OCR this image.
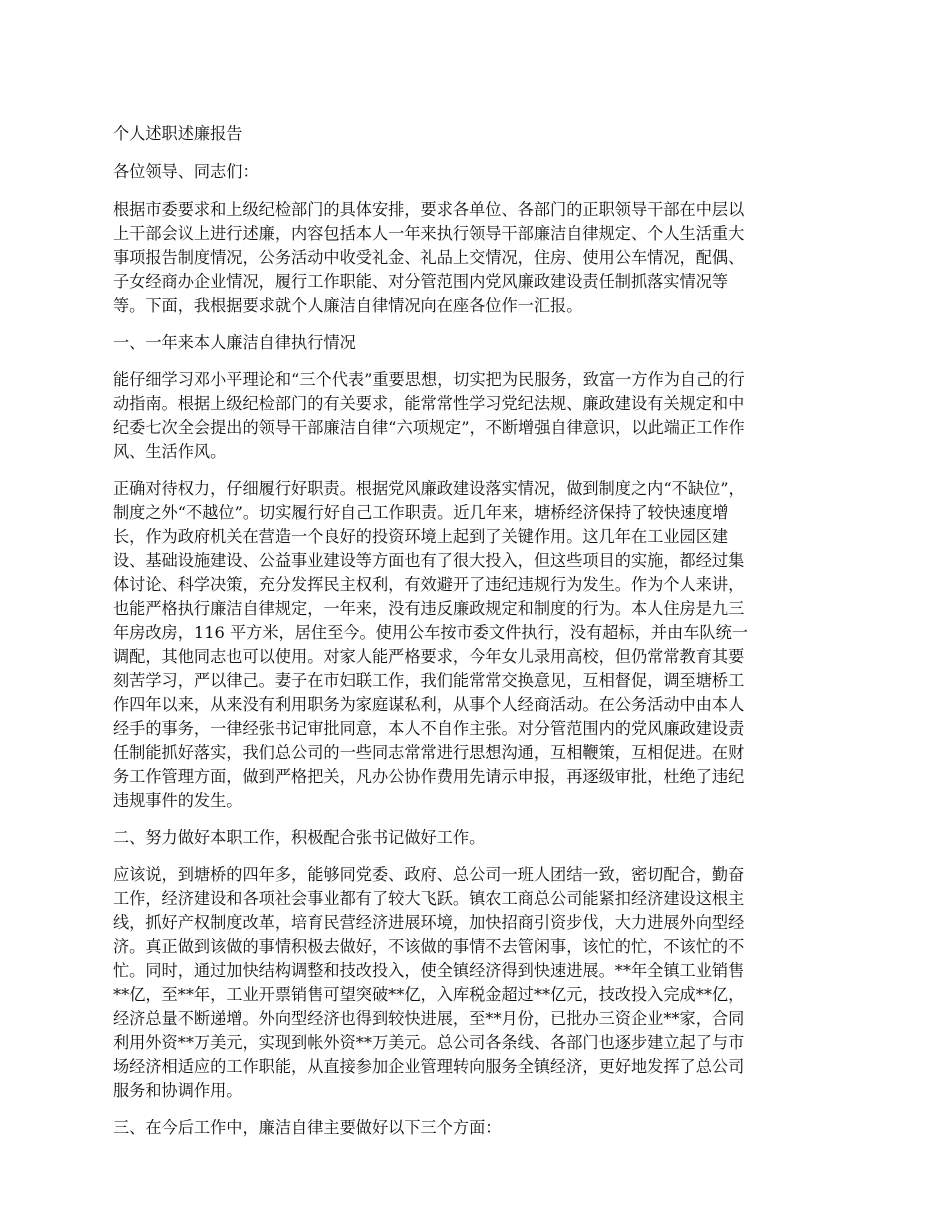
个人述职述廉报告
各位领导、同志们：
根据市委要求和上级纪检部门的具体安排，要求各单位、各部门的正职领导干部在中层以
上干部会议上进行述廉，内容包括本人一年来执行领导干部廉洁自律规定、个人生活重大
事项报告制度情况，公务活动中收受礼金、礼品上交情况，住房、使用公车情况，配偶、
子女经商办企业情况，履行工作职能、对分管范围内党风廉政建设责任制抓落实情况等
等。下面，我根据要求就个人廉洁自律情况向在座各位作一汇报。
一、一年来本人廉洁自律执行情况
能仔细学习邓小平理论和“三个代表”重要思想，切实把为民服务，致富一方作为自己的行
动指南。根据上级纪检部门的有关要求，能常常性学习党纪法规、廉政建设有关规定和中
纪委七次全会提出的领导干部廉洁自律“六项规定”，不断增强自律意识，以此端正工作作
风、生活作风。
正确对待权力，仔细履行好职责。根据党风廉政建设落实情况，做到制度之内“不缺位”，
制度之外“不越位”。切实履行好自己工作职责。近几年来，塘桥经济保持了较快速度增
长，作为政府机关在营造一个良好的投资环境上起到了关键作用。这几年在工业园区建
设、基础设施建设、公益事业建设等方面也有了很大投入，但这些项目的实施，都经过集
体讨论、科学决策，充分发挥民主权利，有效避开了违纪违规行为发生。作为个人来讲，
也能严格执行廉洁自律规定，一年来，没有违反廉政规定和制度的行为。本人住房是九三
年房改房，116 平方米，居住至今。使用公车按市委文件执行，没有超标，并由车队统一
调配，其他同志也可以使用。对家人能严格要求，今年女儿录用高校，但仍常常教育其要
刻苦学习，严以律己。妻子在市妇联工作，我们能常常交换意见，互相督促，调至塘桥工
作四年以来，从来没有利用职务为家庭谋私利，从事个人经商活动。在公务活动中由本人
经手的事务，一律经张书记审批同意，本人不自作主张。对分管范围内的党风廉政建设责
任制能抓好落实，我们总公司的一些同志常常进行思想沟通，互相鞭策，互相促进。在财
务工作管理方面，做到严格把关，凡办公协作费用先请示申报，再逐级审批，杜绝了违纪
违规事件的发生。
二、努力做好本职工作，积极配合张书记做好工作。
应该说，到塘桥的四年多，能够同党委、政府、总公司一班人团结一致，密切配合，勤奋
工作，经济建设和各项社会事业都有了较大飞跃。镇农工商总公司能紧扣经济建设这根主
线，抓好产权制度改革，培育民营经济进展环境，加快招商引资步伐，大力进展外向型经
济。真正做到该做的事情积极去做好，不该做的事情不去管闲事，该忙的忙，不该忙的不
忙。同时，通过加快结构调整和技改投入，使全镇经济得到快速进展。**年全镇工业销售
**亿，至**年，工业开票销售可望突破**亿，入库税金超过**亿元，技改投入完成**亿，
经济总量不断递增。外向型经济也得到较快进展，至**月份，已批办三资企业**家，合同
利用外资**万美元，实现到帐外资**万美元。总公司各条线、各部门也逐步建立起了与市
场经济相适应的工作职能，从直接参加企业管理转向服务全镇经济，更好地发挥了总公司
服务和协调作用。
三、在今后工作中，廉洁自律主要做好以下三个方面：
